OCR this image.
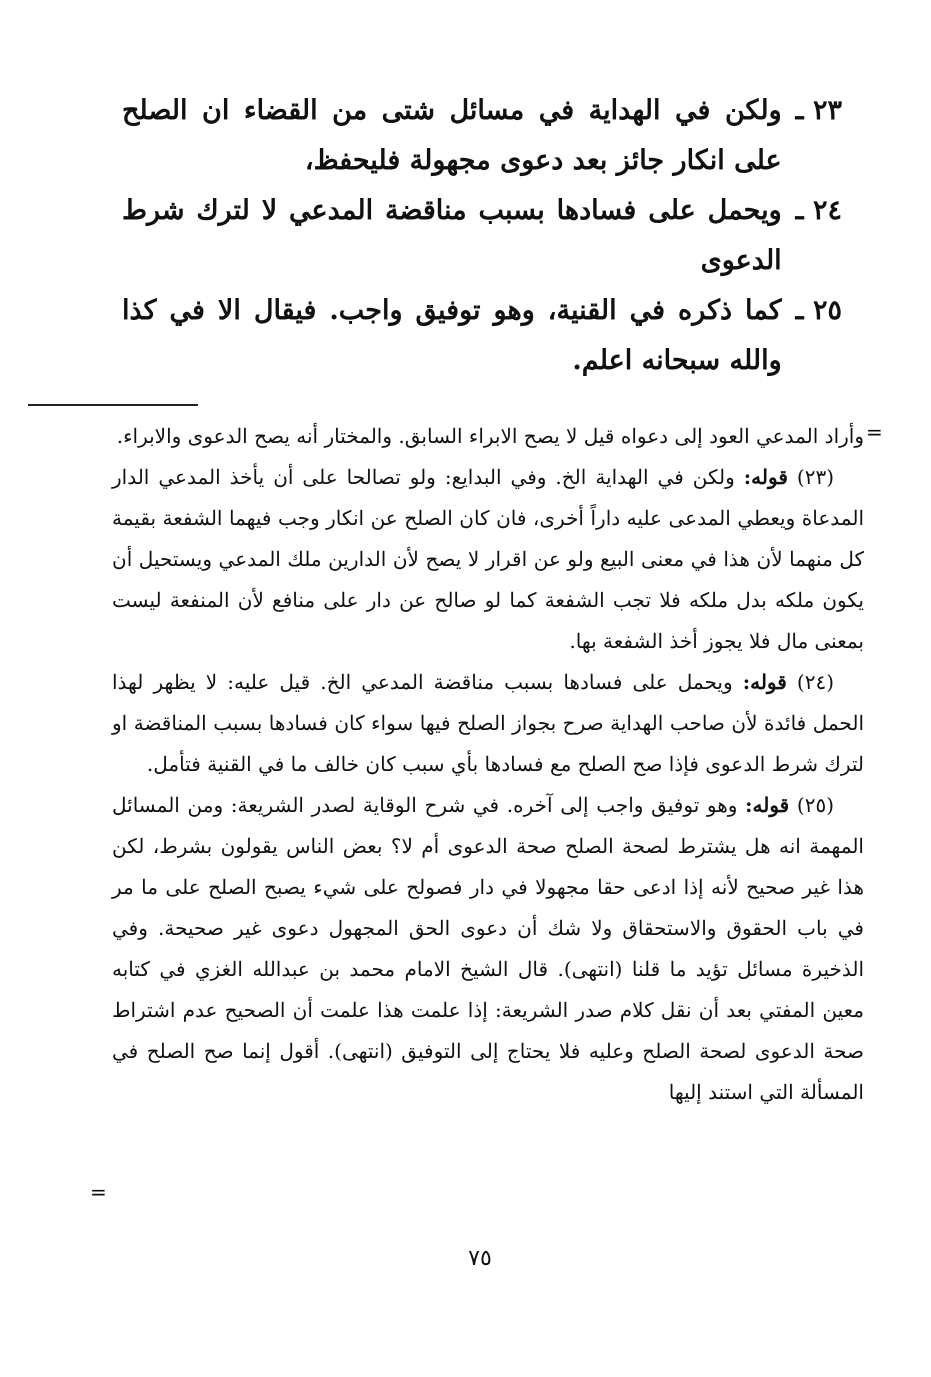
٢٣ ـ
ولكن في الهداية في مسائل شتى من القضاء ان الصلح على انكار جائز بعد دعوى مجهولة فليحفظ،
٢٤ ـ
ويحمل على فسادها بسبب مناقضة المدعي لا لترك شرط الدعوى
٢٥ ـ
كما ذكره في القنية، وهو توفيق واجب. فيقال الا في كذا والله سبحانه اعلم.
=

وأراد المدعي العود إلى دعواه قيل لا يصح الابراء السابق. والمختار أنه يصح الدعوى والابراء.

(٢٣) قوله: ولكن في الهداية الخ. وفي البدايع: ولو تصالحا على أن يأخذ المدعي الدار المدعاة ويعطي المدعى عليه داراً أخرى، فان كان الصلح عن انكار وجب فيهما الشفعة بقيمة كل منهما لأن هذا في معنى البيع ولو عن اقرار لا يصح لأن الدارين ملك المدعي ويستحيل أن يكون ملكه بدل ملكه فلا تجب الشفعة كما لو صالح عن دار على منافع لأن المنفعة ليست بمعنى مال فلا يجوز أخذ الشفعة بها.

(٢٤) قوله: ويحمل على فسادها بسبب مناقضة المدعي الخ. قيل عليه: لا يظهر لهذا الحمل فائدة لأن صاحب الهداية صرح بجواز الصلح فيها سواء كان فسادها بسبب المناقضة او لترك شرط الدعوى فإذا صح الصلح مع فسادها بأي سبب كان خالف ما في القنية فتأمل.

(٢٥) قوله: وهو توفيق واجب إلى آخره. في شرح الوقاية لصدر الشريعة: ومن المسائل المهمة انه هل يشترط لصحة الصلح صحة الدعوى أم لا؟ بعض الناس يقولون بشرط، لكن هذا غير صحيح لأنه إذا ادعى حقا مجهولا في دار فصولح على شيء يصبح الصلح على ما مر في باب الحقوق والاستحقاق ولا شك أن دعوى الحق المجهول دعوى غير صحيحة. وفي الذخيرة مسائل تؤيد ما قلنا (انتهى). قال الشيخ الامام محمد بن عبدالله الغزي في كتابه معين المفتي بعد أن نقل كلام صدر الشريعة: إذا علمت هذا علمت أن الصحيح عدم اشتراط صحة الدعوى لصحة الصلح وعليه فلا يحتاج إلى التوفيق (انتهى). أقول إنما صح الصلح في المسألة التي استند إليها

=
٧٥
